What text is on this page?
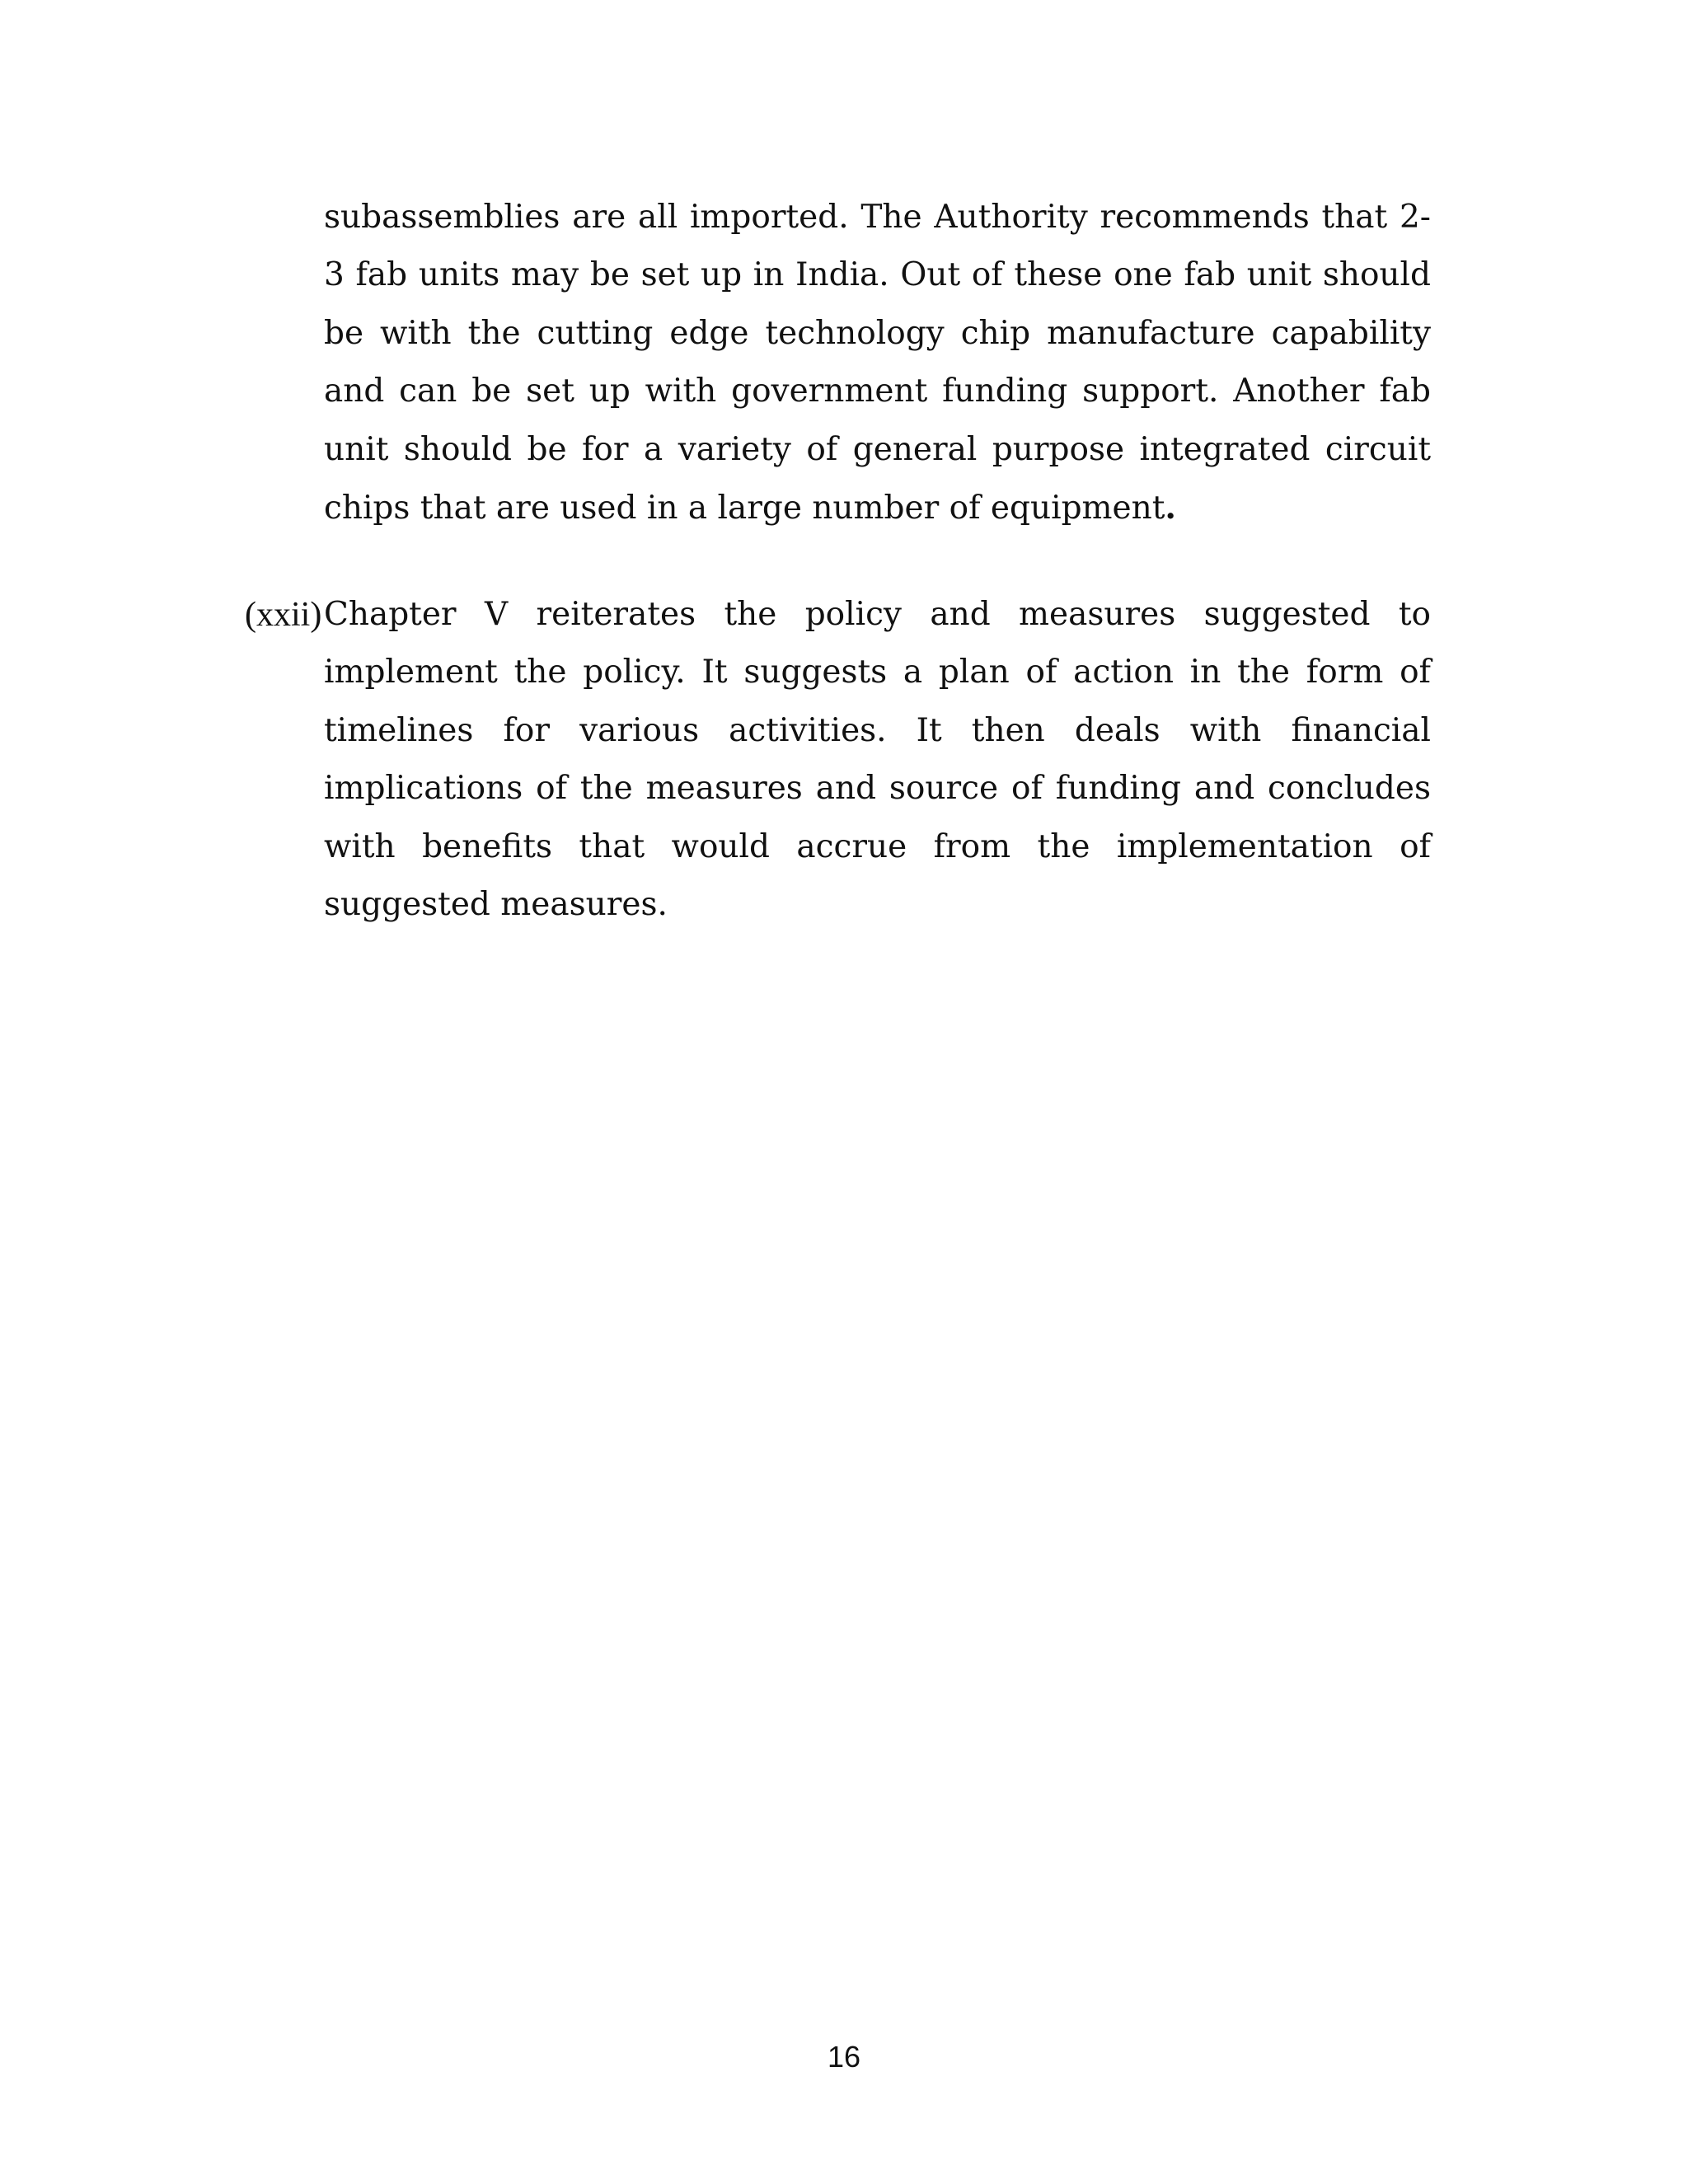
subassemblies are all imported. The Authority recommends that 2-3 fab units may be set up in India. Out of these one fab unit should be with the cutting edge technology chip manufacture capability and can be set up with government funding support. Another fab unit should be for a variety of general purpose integrated circuit chips that are used in a large number of equipment.

(xxii) Chapter V reiterates the policy and measures suggested to implement the policy. It suggests a plan of action in the form of timelines for various activities. It then deals with financial implications of the measures and source of funding and concludes with benefits that would accrue from the implementation of suggested measures.

16
